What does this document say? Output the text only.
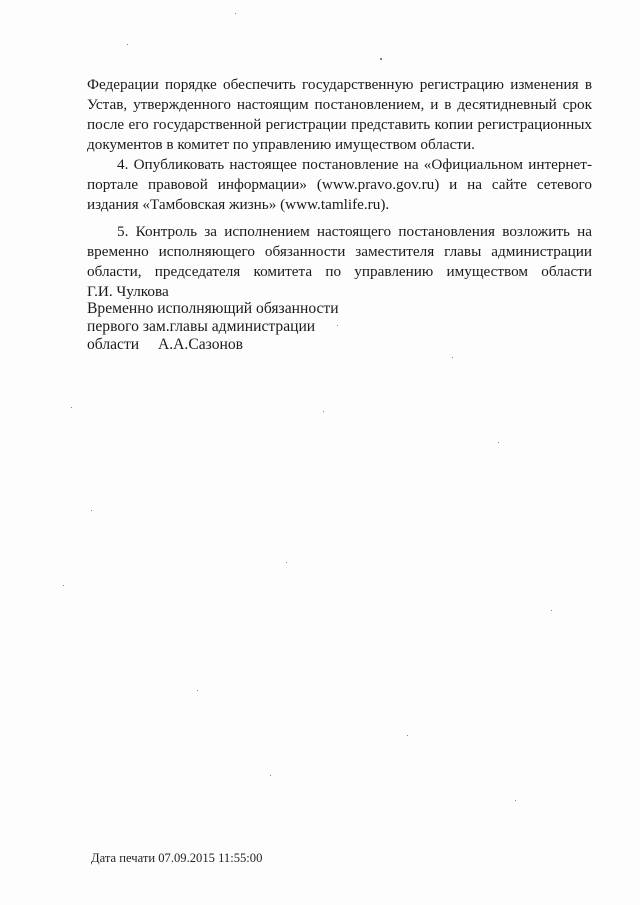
Федерации порядке обеспечить государственную регистрацию изменения в
Устав, утвержденного настоящим постановлением, и в десятидневный срок
после его государственной регистрации представить копии регистрационных
документов в комитет по управлению имуществом области.
4. Опубликовать настоящее постановление на «Официальном интернет-
портале правовой информации» (www.pravo.gov.ru) и на сайте сетевого
издания «Тамбовская жизнь» (www.tamlife.ru).
5. Контроль за исполнением настоящего постановления возложить на
временно исполняющего обязанности заместителя главы администрации
области, председателя комитета по управлению имуществом области
Г.И. Чулкова
Временно исполняющий обязанности
первого зам.главы администрации
области А.А.Сазонов
Дата печати 07.09.2015 11:55:00
